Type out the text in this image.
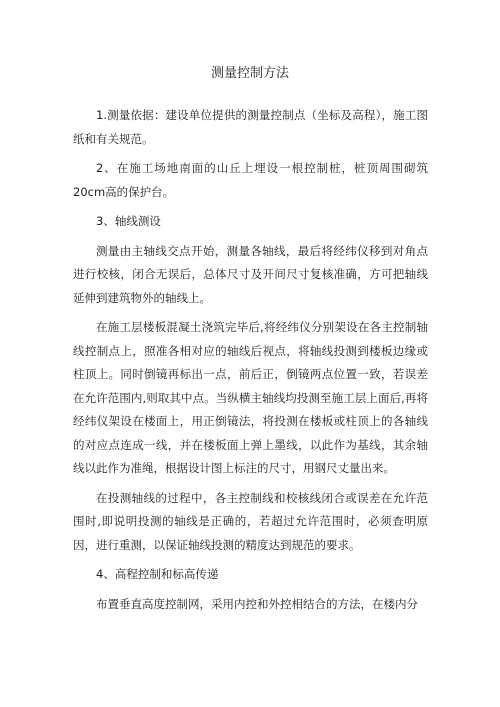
测量控制方法

1.测量依据：建设单位提供的测量控制点（坐标及高程），施工图纸和有关规范。

2、在施工场地南面的山丘上埋设一根控制桩，桩顶周围砌筑20cm高的保护台。

3、轴线测设

测量由主轴线交点开始，测量各轴线，最后将经纬仪移到对角点进行校核，闭合无误后，总体尺寸及开间尺寸复核准确，方可把轴线延伸到建筑物外的轴线上。

在施工层楼板混凝土浇筑完毕后,将经纬仪分别架设在各主控制轴线控制点上，照准各相对应的轴线后视点，将轴线投测到楼板边缘或柱顶上。同时倒镜再标出一点，前后正，倒镜两点位置一致，若误差在允许范围内,则取其中点。当纵横主轴线均投测至施工层上面后,再将经纬仪架设在楼面上，用正倒镜法，将投测在楼板或柱顶上的各轴线的对应点连成一线，并在楼板面上弹上墨线，以此作为基线，其余轴线以此作为准绳，根据设计图上标注的尺寸，用钢尺丈量出来。

在投测轴线的过程中，各主控制线和校核线闭合或误差在允许范围时,即说明投测的轴线是正确的，若超过允许范围时，必须查明原因，进行重测，以保证轴线投测的精度达到规范的要求。

4、高程控制和标高传递

布置垂直高度控制网，采用内控和外控相结合的方法，在楼内分
